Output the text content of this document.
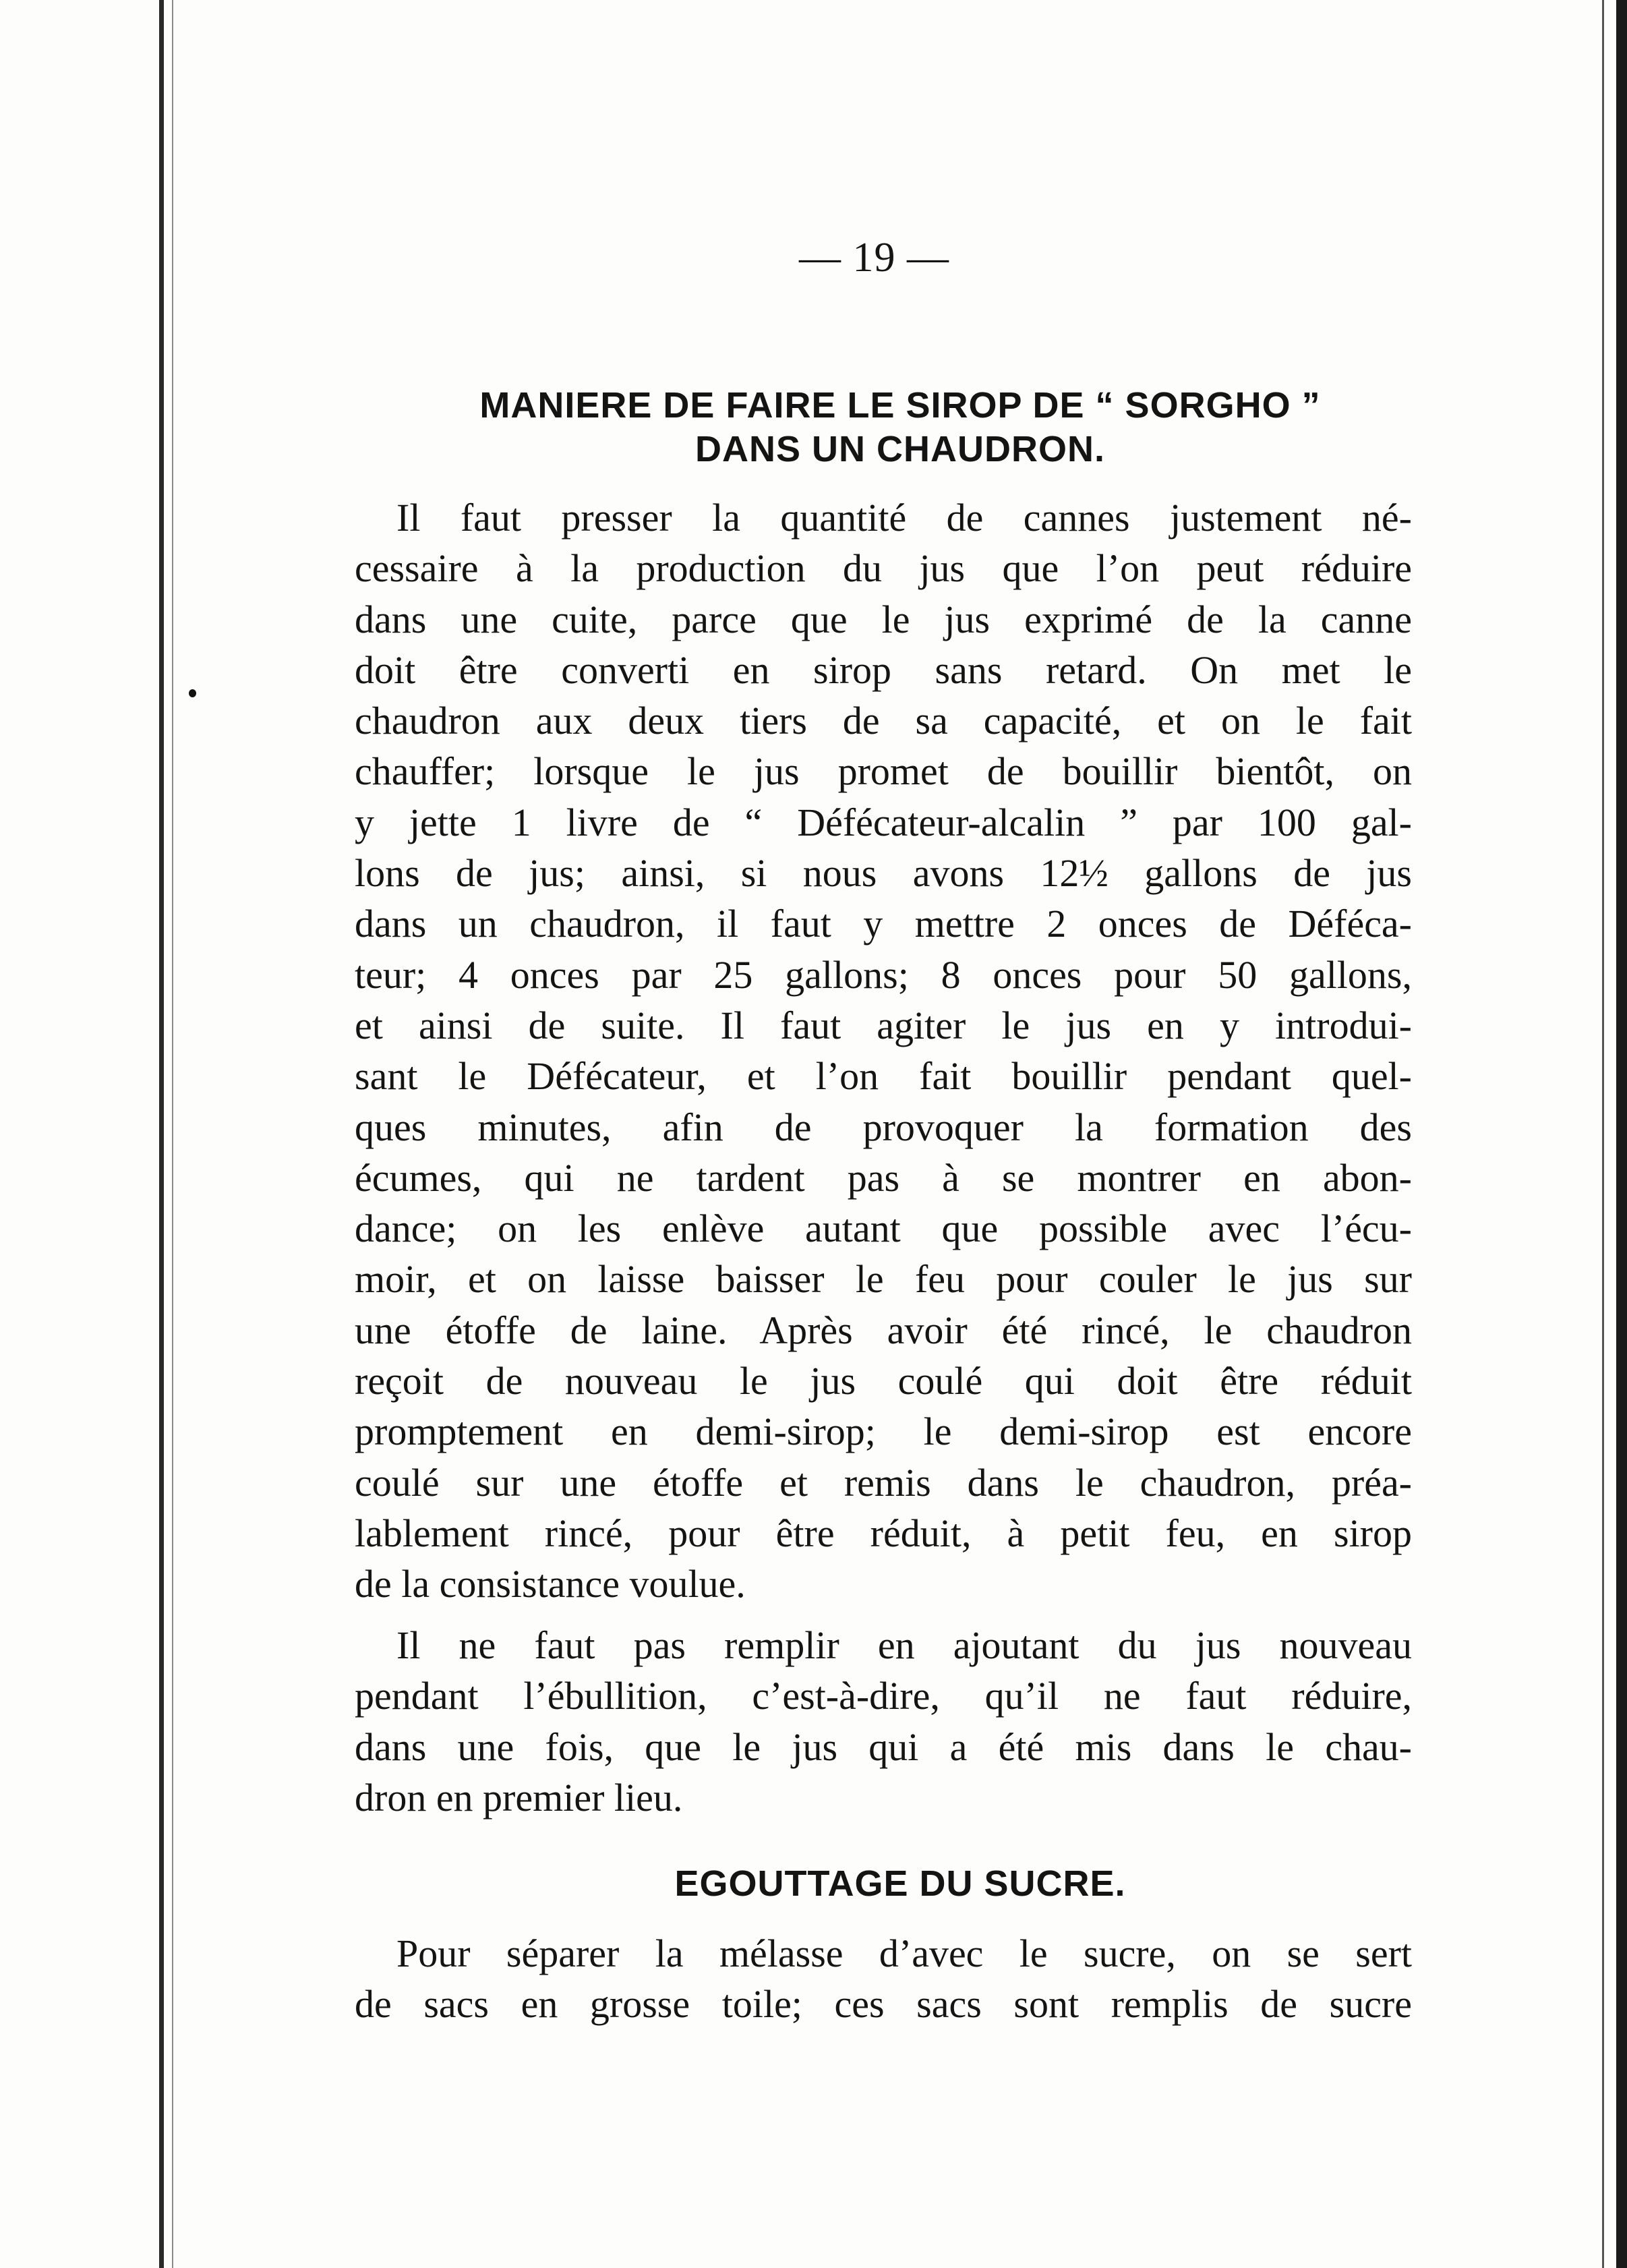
— 19 —
MANIERE DE FAIRE LE SIROP DE “ SORGHO ”
DANS UN CHAUDRON.
Il faut presser la quantité de cannes justement né-
cessaire à la production du jus que l’on peut réduire
dans une cuite, parce que le jus exprimé de la canne
doit être converti en sirop sans retard. On met le
chaudron aux deux tiers de sa capacité, et on le fait
chauffer; lorsque le jus promet de bouillir bientôt, on
y jette 1 livre de “ Défécateur-alcalin ” par 100 gal-
lons de jus; ainsi, si nous avons 12½ gallons de jus
dans un chaudron, il faut y mettre 2 onces de Défécа-
teur; 4 onces par 25 gallons; 8 onces pour 50 gallons,
et ainsi de suite. Il faut agiter le jus en y introdui-
sant le Défécateur, et l’on fait bouillir pendant quel-
ques minutes, afin de provoquer la formation des
écumes, qui ne tardent pas à se montrer en abon-
dance; on les enlève autant que possible avec l’écu-
moir, et on laisse baisser le feu pour couler le jus sur
une étoffe de laine. Après avoir été rincé, le chaudron
reçoit de nouveau le jus coulé qui doit être réduit
promptement en demi-sirop; le demi-sirop est encore
coulé sur une étoffe et remis dans le chaudron, préa-
lablement rincé, pour être réduit, à petit feu, en sirop
de la consistance voulue.
Il ne faut pas remplir en ajoutant du jus nouveau
pendant l’ébullition, c’est-à-dire, qu’il ne faut réduire,
dans une fois, que le jus qui a été mis dans le chau-
dron en premier lieu.
EGOUTTAGE DU SUCRE.
Pour séparer la mélasse d’avec le sucre, on se sert
de sacs en grosse toile; ces sacs sont remplis de sucre
